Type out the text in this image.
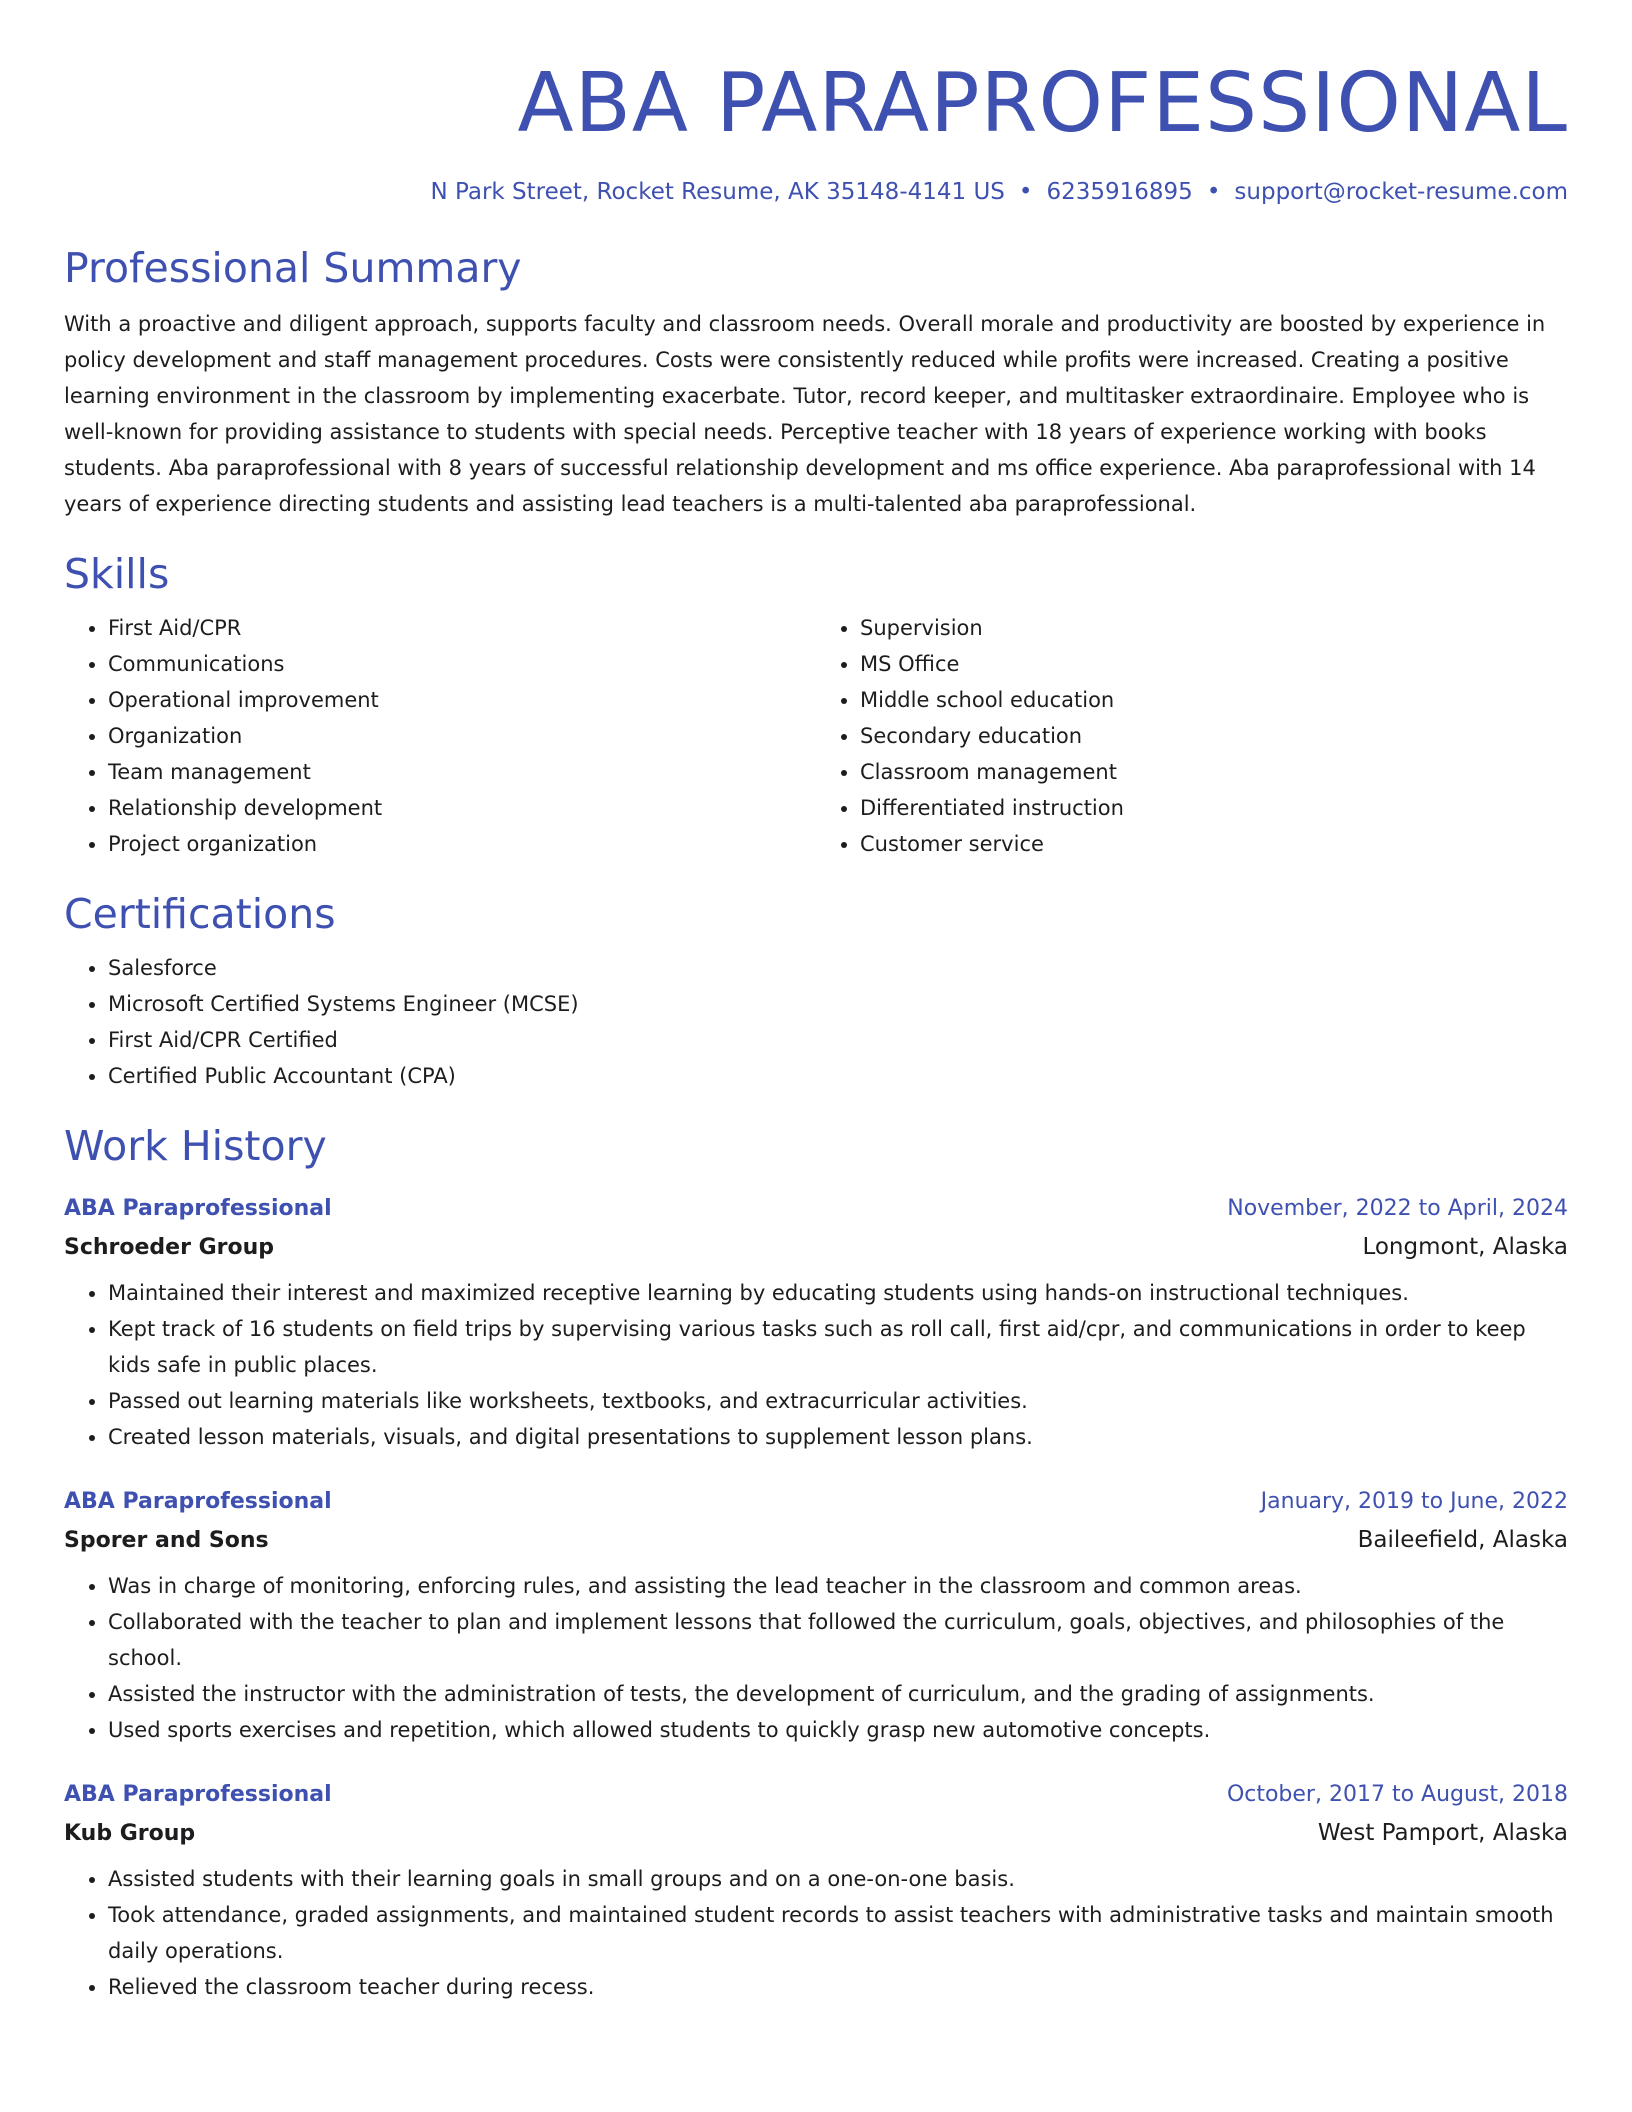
ABA PARAPROFESSIONAL
N Park Street, Rocket Resume, AK 35148-4141 US • 6235916895 • support@rocket-resume.com
Professional Summary
With a proactive and diligent approach, supports faculty and classroom needs. Overall morale and productivity are boosted by experience in policy development and staff management procedures. Costs were consistently reduced while profits were increased. Creating a positive learning environment in the classroom by implementing exacerbate. Tutor, record keeper, and multitasker extraordinaire. Employee who is well-known for providing assistance to students with special needs. Perceptive teacher with 18 years of experience working with books students. Aba paraprofessional with 8 years of successful relationship development and ms office experience. Aba paraprofessional with 14 years of experience directing students and assisting lead teachers is a multi-talented aba paraprofessional.
Skills
• First Aid/CPR
• Communications
• Operational improvement
• Organization
• Team management
• Relationship development
• Project organization
• Supervision
• MS Office
• Middle school education
• Secondary education
• Classroom management
• Differentiated instruction
• Customer service
Certifications
• Salesforce
• Microsoft Certified Systems Engineer (MCSE)
• First Aid/CPR Certified
• Certified Public Accountant (CPA)
Work History
ABA Paraprofessional	November, 2022 to April, 2024
Schroeder Group	Longmont, Alaska
• Maintained their interest and maximized receptive learning by educating students using hands-on instructional techniques.
• Kept track of 16 students on field trips by supervising various tasks such as roll call, first aid/cpr, and communications in order to keep kids safe in public places.
• Passed out learning materials like worksheets, textbooks, and extracurricular activities.
• Created lesson materials, visuals, and digital presentations to supplement lesson plans.
ABA Paraprofessional	January, 2019 to June, 2022
Sporer and Sons	Baileefield, Alaska
• Was in charge of monitoring, enforcing rules, and assisting the lead teacher in the classroom and common areas.
• Collaborated with the teacher to plan and implement lessons that followed the curriculum, goals, objectives, and philosophies of the school.
• Assisted the instructor with the administration of tests, the development of curriculum, and the grading of assignments.
• Used sports exercises and repetition, which allowed students to quickly grasp new automotive concepts.
ABA Paraprofessional	October, 2017 to August, 2018
Kub Group	West Pamport, Alaska
• Assisted students with their learning goals in small groups and on a one-on-one basis.
• Took attendance, graded assignments, and maintained student records to assist teachers with administrative tasks and maintain smooth daily operations.
• Relieved the classroom teacher during recess.
